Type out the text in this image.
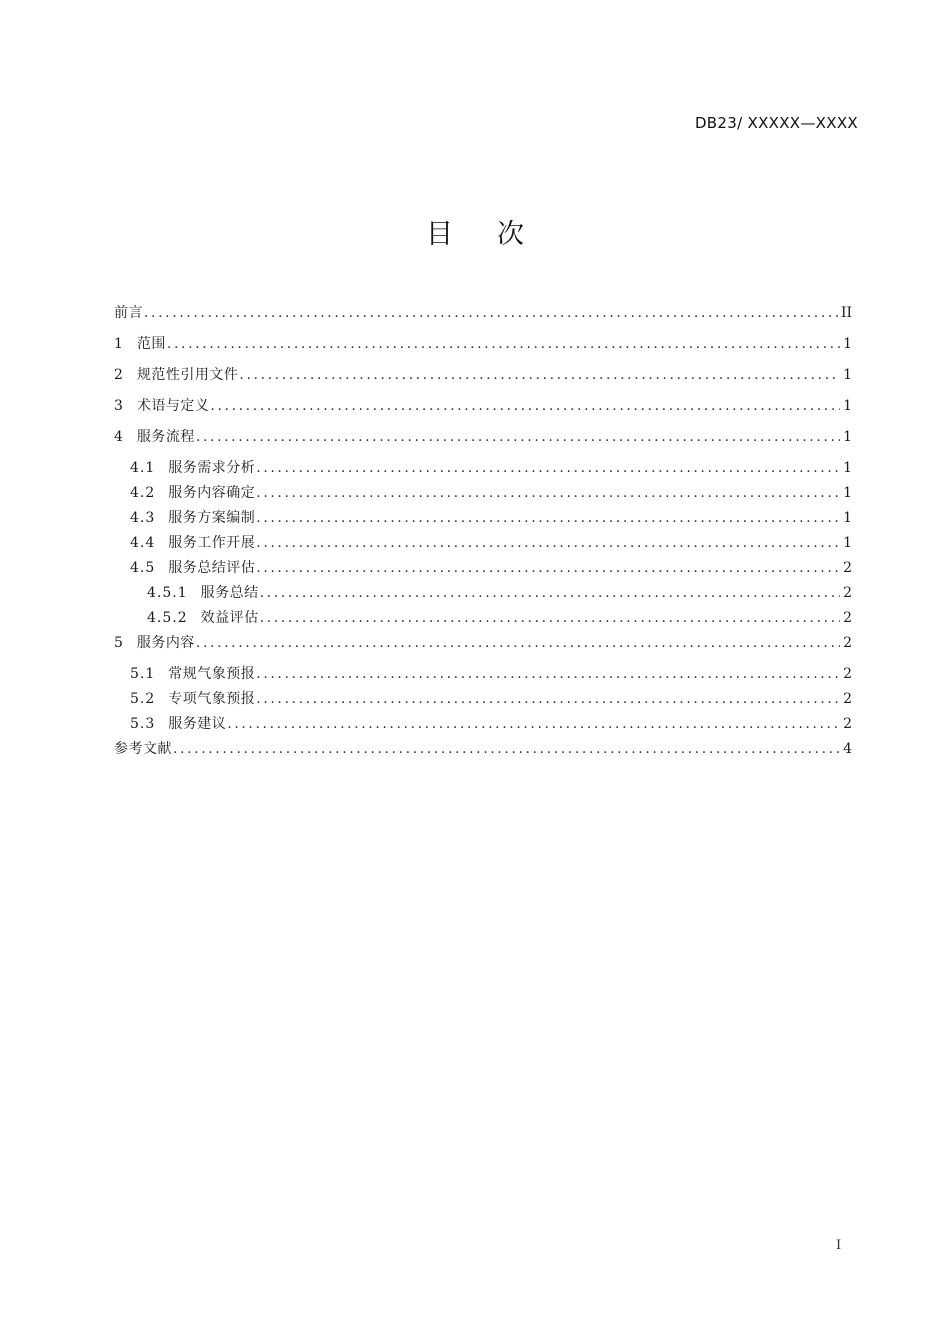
DB23/ XXXXX—XXXX
目次
前言 .....	II
1 范围 .....	1
2 规范性引用文件 .....	1
3 术语与定义 .....	1
4 服务流程 .....	1
4.1 服务需求分析 .....	1
4.2 服务内容确定 .....	1
4.3 服务方案编制 .....	1
4.4 服务工作开展 .....	1
4.5 服务总结评估 .....	2
4.5.1 服务总结 .....	2
4.5.2 效益评估 .....	2
5 服务内容 .....	2
5.1 常规气象预报 .....	2
5.2 专项气象预报 .....	2
5.3 服务建议 .....	2
参考文献 .....	4
I
